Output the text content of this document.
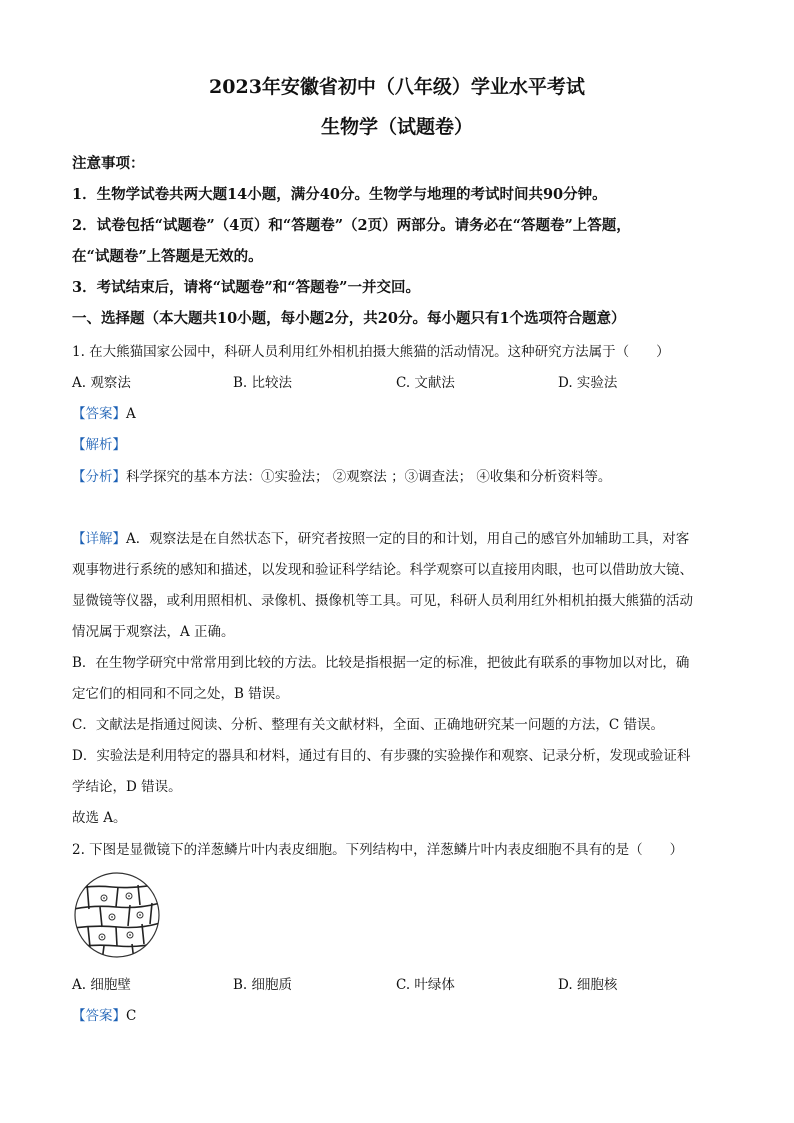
2023年安徽省初中（八年级）学业水平考试
生物学（试题卷）
注意事项：
1．生物学试卷共两大题14小题，满分40分。生物学与地理的考试时间共90分钟。
2．试卷包括“试题卷”（4页）和“答题卷”（2页）两部分。请务必在“答题卷”上答题，
在“试题卷”上答题是无效的。
3．考试结束后，请将“试题卷”和“答题卷”一并交回。
一、选择题（本大题共10小题，每小题2分，共20分。每小题只有1个选项符合题意）
1. 在大熊猫国家公园中，科研人员利用红外相机拍摄大熊猫的活动情况。这种研究方法属于（　　）
A. 观察法	B. 比较法	C. 文献法	D. 实验法
【答案】A
【解析】
【分析】科学探究的基本方法：①实验法； ②观察法 ；③调查法； ④收集和分析资料等。
【详解】A．观察法是在自然状态下，研究者按照一定的目的和计划，用自己的感官外加辅助工具，对客
观事物进行系统的感知和描述，以发现和验证科学结论。科学观察可以直接用肉眼，也可以借助放大镜、
显微镜等仪器，或利用照相机、录像机、摄像机等工具。可见，科研人员利用红外相机拍摄大熊猫的活动
情况属于观察法，A 正确。
B．在生物学研究中常常用到比较的方法。比较是指根据一定的标准，把彼此有联系的事物加以对比，确
定它们的相同和不同之处，B 错误。
C．文献法是指通过阅读、分析、整理有关文献材料，全面、正确地研究某一问题的方法，C 错误。
D．实验法是利用特定的器具和材料，通过有目的、有步骤的实验操作和观察、记录分析，发现或验证科
学结论，D 错误。
故选 A。
2. 下图是显微镜下的洋葱鳞片叶内表皮细胞。下列结构中，洋葱鳞片叶内表皮细胞不具有的是（　　）
A. 细胞壁	B. 细胞质	C. 叶绿体	D. 细胞核
【答案】C
